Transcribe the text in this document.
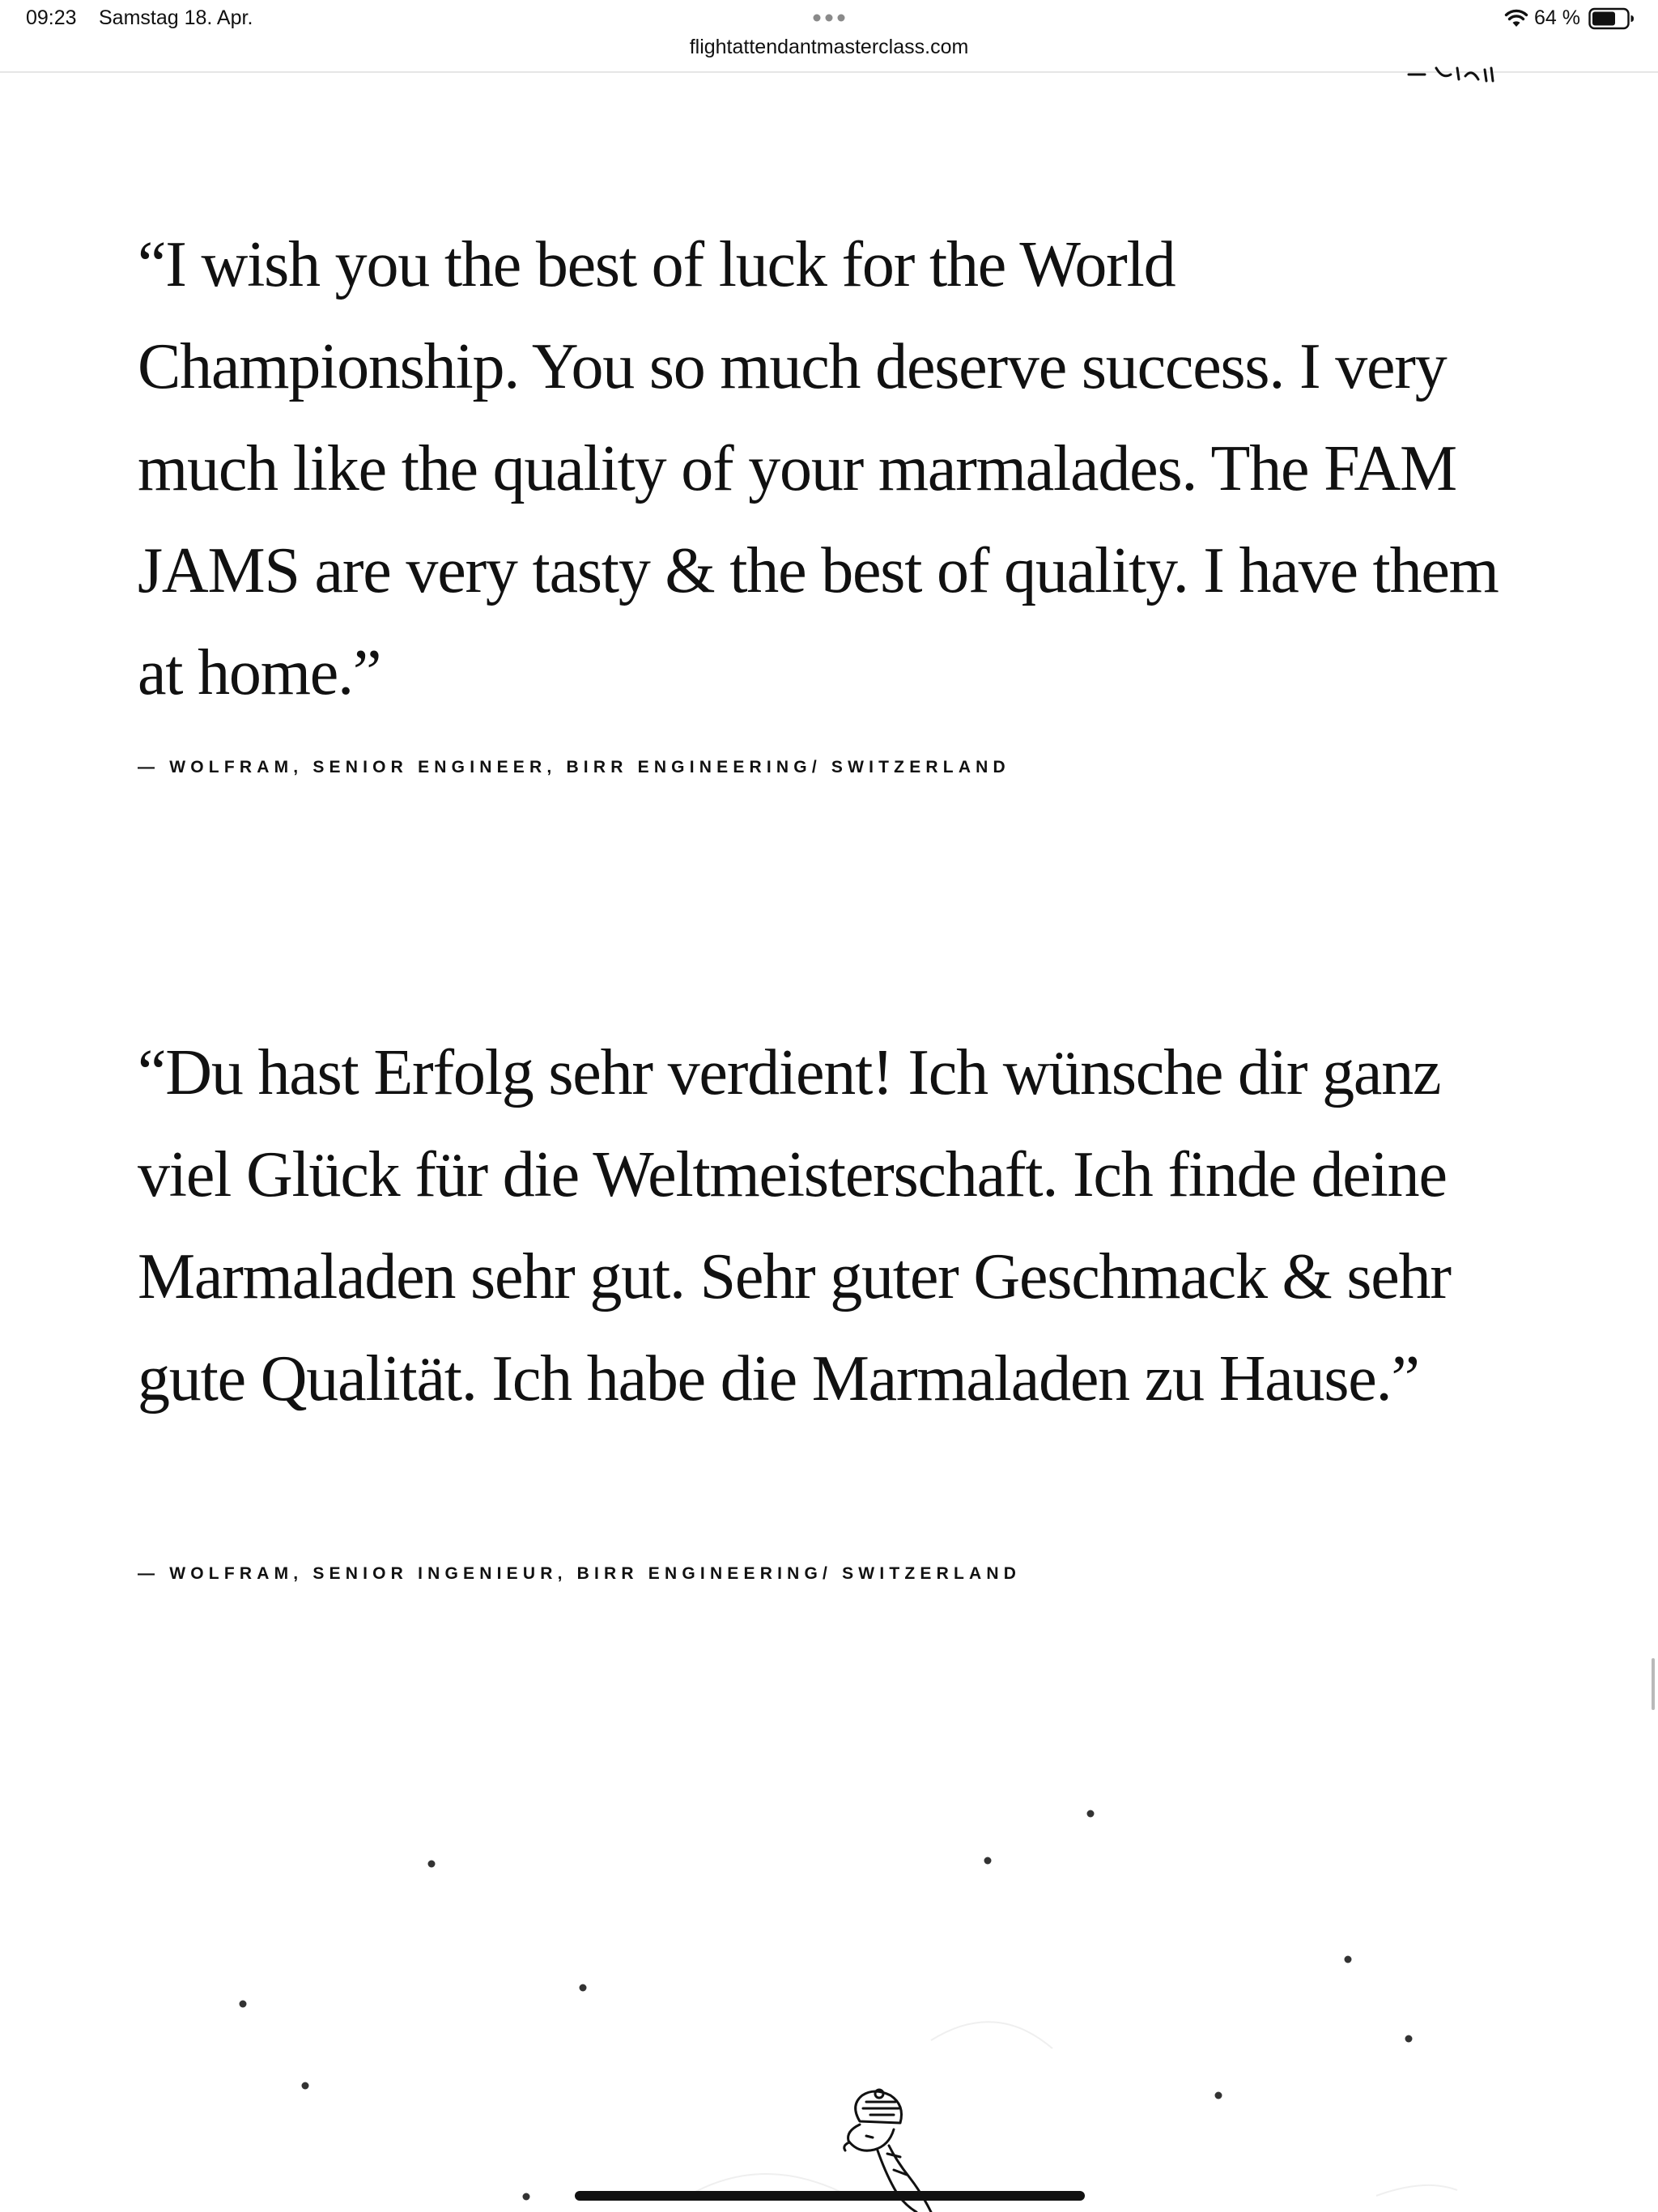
09:23 Samstag 18. Apr.
flightattendantmasterclass.com
64 %
“I wish you the best of luck for the World Championship. You so much deserve success. I very much like the quality of your marmalades. The FAM JAMS are very tasty & the best of quality. I have them at home.”
— WOLFRAM, SENIOR ENGINEER, BIRR ENGINEERING/ SWITZERLAND
“Du hast Erfolg sehr verdient! Ich wünsche dir ganz viel Glück für die Weltmeisterschaft. Ich finde deine Marmaladen sehr gut. Sehr guter Geschmack & sehr gute Qualität. Ich habe die Marmaladen zu Hause.”
— WOLFRAM, SENIOR INGENIEUR, BIRR ENGINEERING/ SWITZERLAND
